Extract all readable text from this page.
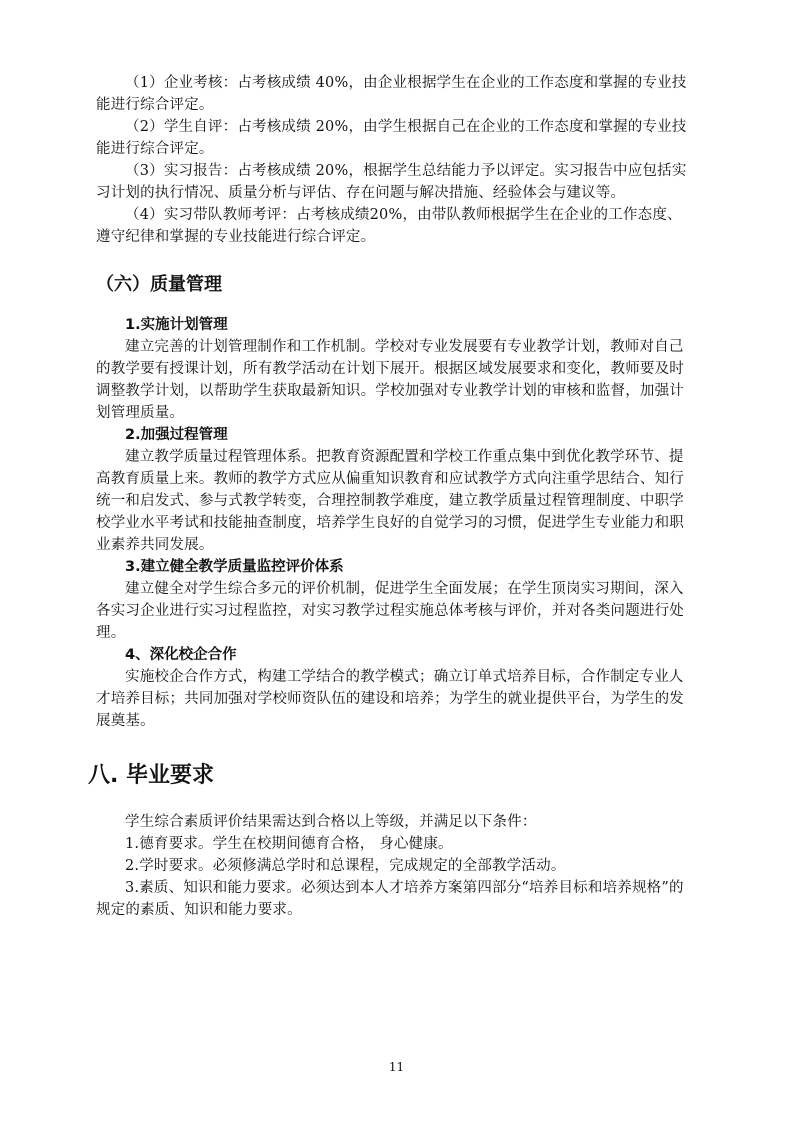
（1）企业考核：占考核成绩 40%，由企业根据学生在企业的工作态度和掌握的专业技能进行综合评定。

（2）学生自评：占考核成绩 20%，由学生根据自己在企业的工作态度和掌握的专业技能进行综合评定。

（3）实习报告：占考核成绩 20%，根据学生总结能力予以评定。实习报告中应包括实习计划的执行情况、质量分析与评估、存在问题与解决措施、经验体会与建议等。

（4）实习带队教师考评：占考核成绩20%，由带队教师根据学生在企业的工作态度、遵守纪律和掌握的专业技能进行综合评定。

（六）质量管理
1.实施计划管理

建立完善的计划管理制作和工作机制。学校对专业发展要有专业教学计划，教师对自己的教学要有授课计划，所有教学活动在计划下展开。根据区域发展要求和变化，教师要及时调整教学计划，以帮助学生获取最新知识。学校加强对专业教学计划的审核和监督，加强计划管理质量。

2.加强过程管理

建立教学质量过程管理体系。把教育资源配置和学校工作重点集中到优化教学环节、提高教育质量上来。教师的教学方式应从偏重知识教育和应试教学方式向注重学思结合、知行统一和启发式、参与式教学转变，合理控制教学难度，建立教学质量过程管理制度、中职学校学业水平考试和技能抽查制度，培养学生良好的自觉学习的习惯，促进学生专业能力和职业素养共同发展。

3.建立健全教学质量监控评价体系

建立健全对学生综合多元的评价机制，促进学生全面发展；在学生顶岗实习期间，深入各实习企业进行实习过程监控，对实习教学过程实施总体考核与评价，并对各类问题进行处理。

4、深化校企合作

实施校企合作方式，构建工学结合的教学模式；确立订单式培养目标，合作制定专业人才培养目标；共同加强对学校师资队伍的建设和培养；为学生的就业提供平台，为学生的发展奠基。

八. 毕业要求

学生综合素质评价结果需达到合格以上等级，并满足以下条件：

1.德育要求。学生在校期间德育合格， 身心健康。

2.学时要求。必须修满总学时和总课程，完成规定的全部教学活动。

3.素质、知识和能力要求。必须达到本人才培养方案第四部分“培养目标和培养规格”的规定的素质、知识和能力要求。

11
